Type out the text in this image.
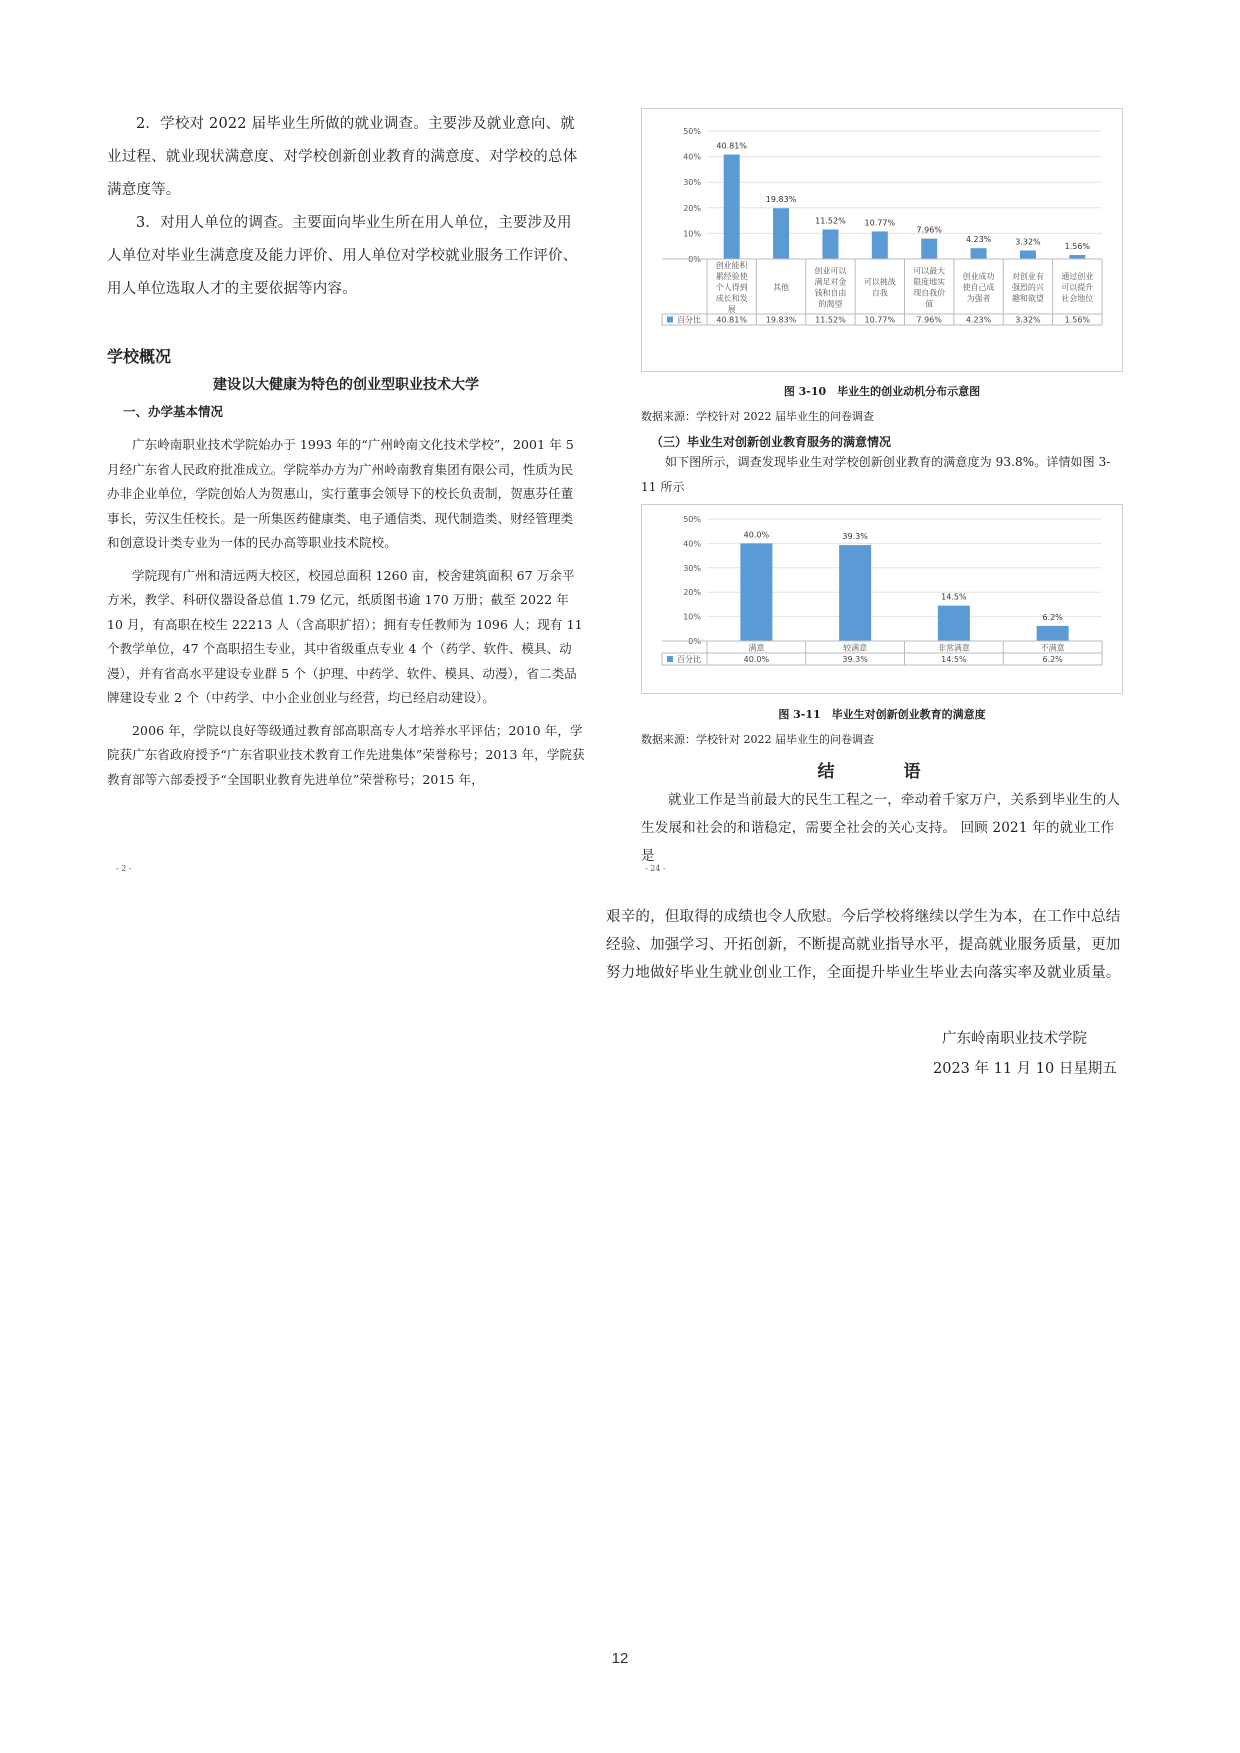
2．学校对 2022 届毕业生所做的就业调查。主要涉及就业意向、就业过程、就业现状满意度、对学校创新创业教育的满意度、对学校的总体满意度等。

3．对用人单位的调查。主要面向毕业生所在用人单位，主要涉及用人单位对毕业生满意度及能力评价、用人单位对学校就业服务工作评价、用人单位选取人才的主要依据等内容。

学校概况

建设以大健康为特色的创业型职业技术大学

一、办学基本情况

广东岭南职业技术学院始办于 1993 年的“广州岭南文化技术学校”，2001 年 5 月经广东省人民政府批准成立。学院举办方为广州岭南教育集团有限公司，性质为民办非企业单位，学院创始人为贺惠山，实行董事会领导下的校长负责制，贺惠芬任董事长，劳汉生任校长。是一所集医药健康类、电子通信类、现代制造类、财经管理类和创意设计类专业为一体的民办高等职业技术院校。

学院现有广州和清远两大校区，校园总面积 1260 亩，校舍建筑面积 67 万余平方米，教学、科研仪器设备总值 1.79 亿元，纸质图书逾 170 万册；截至 2022 年 10 月，有高职在校生 22213 人（含高职扩招）；拥有专任教师为 1096 人；现有 11 个教学单位，47 个高职招生专业，其中省级重点专业 4 个（药学、软件、模具、动漫），并有省高水平建设专业群 5 个（护理、中药学、软件、模具、动漫），省二类品牌建设专业 2 个（中药学、中小企业创业与经营，均已经启动建设）。

2006 年，学院以良好等级通过教育部高职高专人才培养水平评估；2010 年，学院获广东省政府授予“广东省职业技术教育工作先进集体”荣誉称号；2013 年，学院获教育部等六部委授予“全国职业教育先进单位”荣誉称号；2015 年，

- 2 -
0%
10%
20%
30%
40%
50%
40.81%
19.83%
11.52% 10.77%
7.96%
4.23%	3.32%
1.56%
百分比
创业能积累经验使个人得到成长和发展
40.81%
其他
19.83%
创业可以满足对金钱和自由的渴望
11.52%
可以挑战自我
10.77%
可以最大限度地实现自我价值
7.96%
创业成功使自己成为强者
4.23%
对创业有强烈的兴趣和欲望
3.32%
通过创业可以提升社会地位
1.56%

图 3-10　毕业生的创业动机分布示意图

数据来源：学校针对 2022 届毕业生的问卷调查

（三）毕业生对创新创业教育服务的满意情况

如下图所示，调查发现毕业生对学校创新创业教育的满意度为 93.8%。详情如图 3-11 所示

0%
10%
20%
30%
40%
50%
40.0%	39.3%
14.5%
6.2%
百分比
满意
40.0%
较满意
39.3%
非常满意
14.5%
不满意
6.2%

图 3-11　毕业生对创新创业教育的满意度

数据来源：学校针对 2022 届毕业生的问卷调查

结　语

就业工作是当前最大的民生工程之一，牵动着千家万户，关系到毕业生的人生发展和社会的和谐稳定，需要全社会的关心支持。 回顾 2021 年的就业工作是

- 24 -

艰辛的，但取得的成绩也令人欣慰。今后学校将继续以学生为本，在工作中总结经验、加强学习、开拓创新，不断提高就业指导水平，提高就业服务质量，更加努力地做好毕业生就业创业工作，全面提升毕业生毕业去向落实率及就业质量。

广东岭南职业技术学院
2023 年 11 月 10 日星期五
12
